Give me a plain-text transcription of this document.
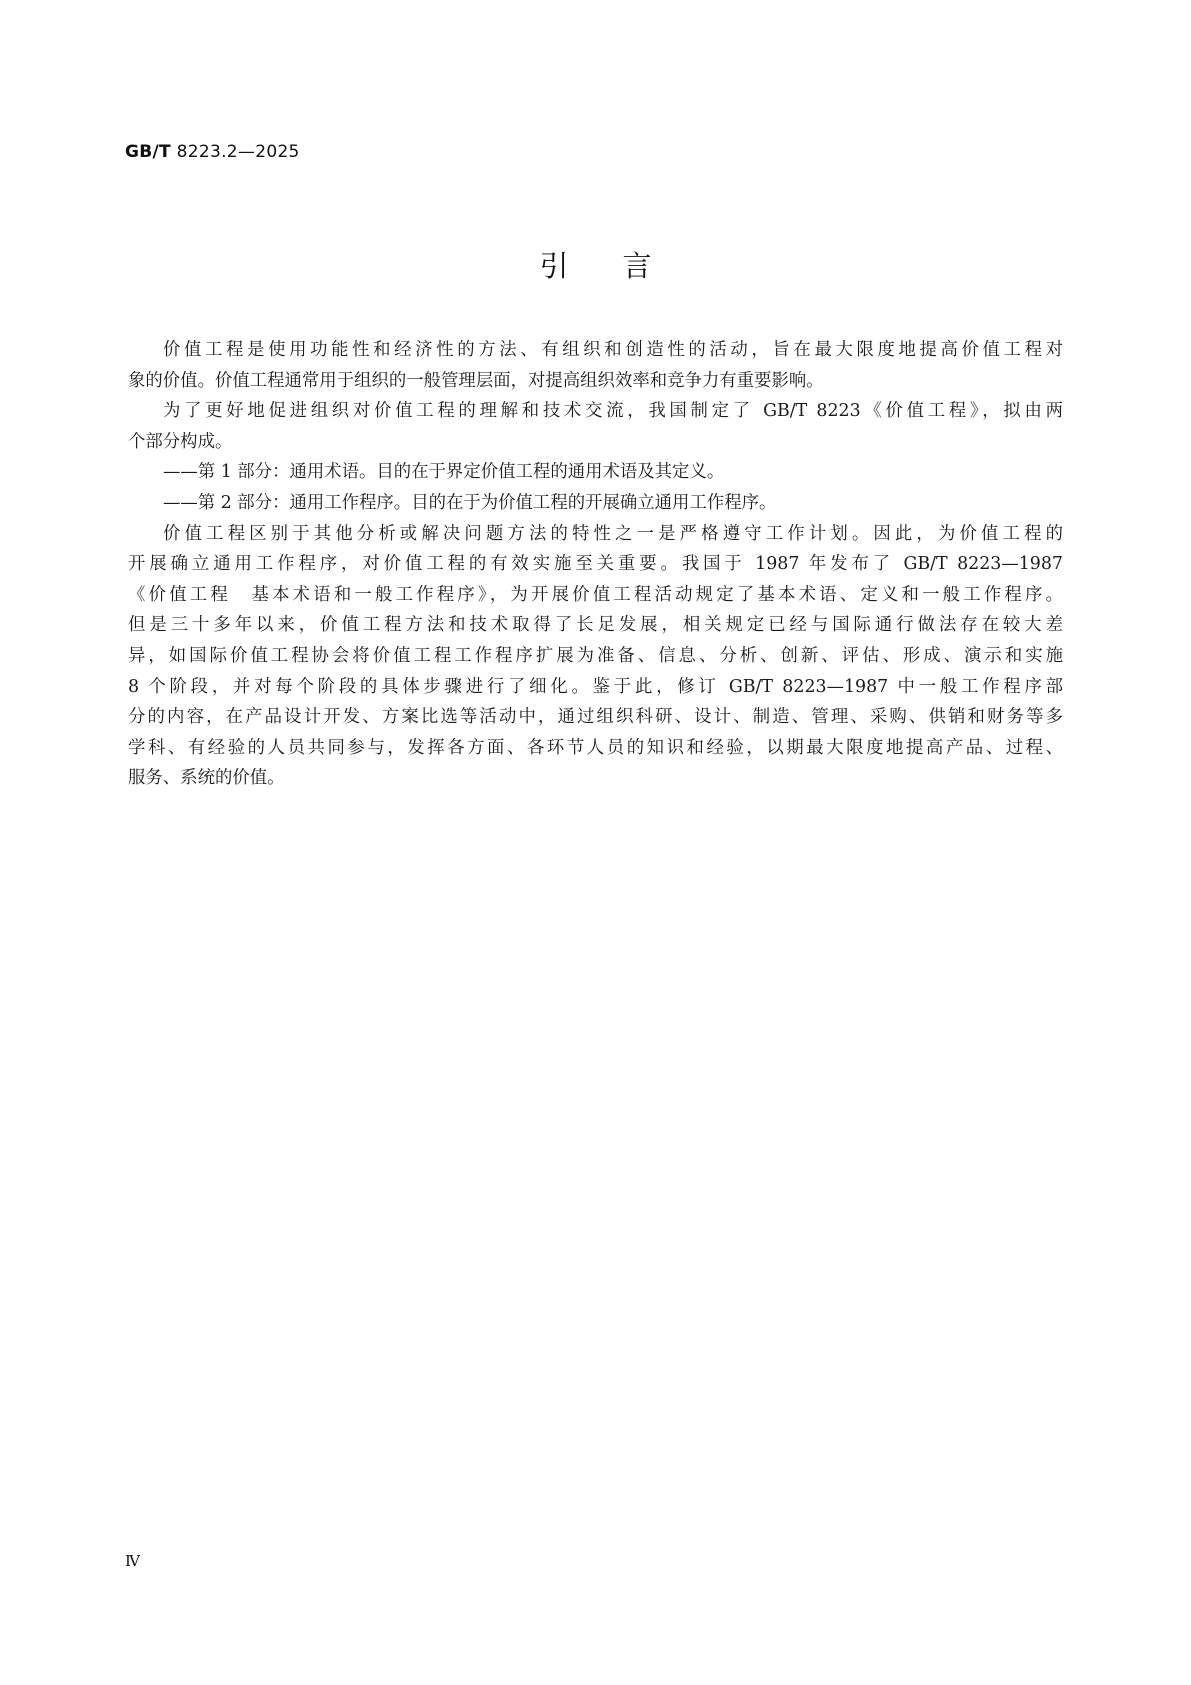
GB/T 8223.2—2025
引言
价值工程是使用功能性和经济性的方法、有组织和创造性的活动，旨在最大限度地提高价值工程对
象的价值。价值工程通常用于组织的一般管理层面，对提高组织效率和竞争力有重要影响。
为了更好地促进组织对价值工程的理解和技术交流，我国制定了 GB/T 8223《价值工程》，拟由两
个部分构成。
——第 1 部分：通用术语。目的在于界定价值工程的通用术语及其定义。
——第 2 部分：通用工作程序。目的在于为价值工程的开展确立通用工作程序。
价值工程区别于其他分析或解决问题方法的特性之一是严格遵守工作计划。因此，为价值工程的
开展确立通用工作程序，对价值工程的有效实施至关重要。我国于 1987 年发布了 GB/T 8223—1987
《价值工程　基本术语和一般工作程序》，为开展价值工程活动规定了基本术语、定义和一般工作程序。
但是三十多年以来，价值工程方法和技术取得了长足发展，相关规定已经与国际通行做法存在较大差
异，如国际价值工程协会将价值工程工作程序扩展为准备、信息、分析、创新、评估、形成、演示和实施
8 个阶段，并对每个阶段的具体步骤进行了细化。鉴于此，修订 GB/T 8223—1987 中一般工作程序部
分的内容，在产品设计开发、方案比选等活动中，通过组织科研、设计、制造、管理、采购、供销和财务等多
学科、有经验的人员共同参与，发挥各方面、各环节人员的知识和经验，以期最大限度地提高产品、过程、
服务、系统的价值。
Ⅳ
